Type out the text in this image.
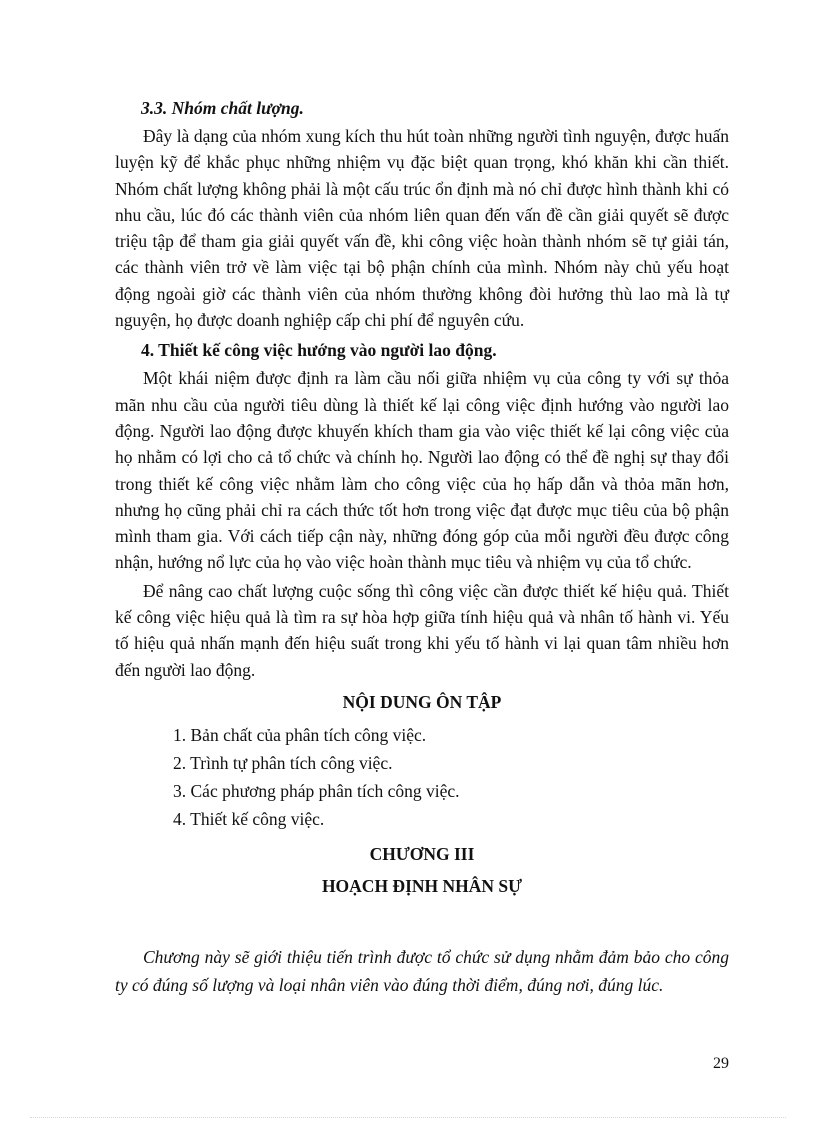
3.3. Nhóm chất lượng.

Đây là dạng của nhóm xung kích thu hút toàn những người tình nguyện, được huấn luyện kỹ để khắc phục những nhiệm vụ đặc biệt quan trọng, khó khăn khi cần thiết. Nhóm chất lượng không phải là một cấu trúc ổn định mà nó chỉ được hình thành khi có nhu cầu, lúc đó các thành viên của nhóm liên quan đến vấn đề cần giải quyết sẽ được triệu tập để tham gia giải quyết vấn đề, khi công việc hoàn thành nhóm sẽ tự giải tán, các thành viên trở về làm việc tại bộ phận chính của mình. Nhóm này chủ yếu hoạt động ngoài giờ các thành viên của nhóm thường không đòi hưởng thù lao mà là tự nguyện, họ được doanh nghiệp cấp chi phí để nguyên cứu.

4. Thiết kế công việc hướng vào người lao động.

Một khái niệm được định ra làm cầu nối giữa nhiệm vụ của công ty với sự thỏa mãn nhu cầu của người tiêu dùng là thiết kế lại công việc định hướng vào người lao động. Người lao động được khuyến khích tham gia vào việc thiết kế lại công việc của họ nhằm có lợi cho cả tổ chức và chính họ. Người lao động có thể đề nghị sự thay đổi trong thiết kế công việc nhằm làm cho công việc của họ hấp dẫn và thỏa mãn hơn, nhưng họ cũng phải chỉ ra cách thức tốt hơn trong việc đạt được mục tiêu của bộ phận mình tham gia. Với cách tiếp cận này, những đóng góp của mỗi người đều được công nhận, hướng nổ lực của họ vào việc hoàn thành mục tiêu và nhiệm vụ của tổ chức.

Để nâng cao chất lượng cuộc sống thì công việc cần được thiết kế hiệu quả. Thiết kế công việc hiệu quả là tìm ra sự hòa hợp giữa tính hiệu quả và nhân tố hành vi. Yếu tố hiệu quả nhấn mạnh đến hiệu suất trong khi yếu tố hành vi lại quan tâm nhiều hơn đến người lao động.

NỘI DUNG ÔN TẬP
1. Bản chất của phân tích công việc.
2. Trình tự phân tích công việc.
3. Các phương pháp phân tích công việc.
4. Thiết kế công việc.
CHƯƠNG III
HOẠCH ĐỊNH NHÂN SỰ

Chương này sẽ giới thiệu tiến trình được tổ chức sử dụng nhằm đảm bảo cho công ty có đúng số lượng và loại nhân viên vào đúng thời điểm, đúng nơi, đúng lúc.

29
